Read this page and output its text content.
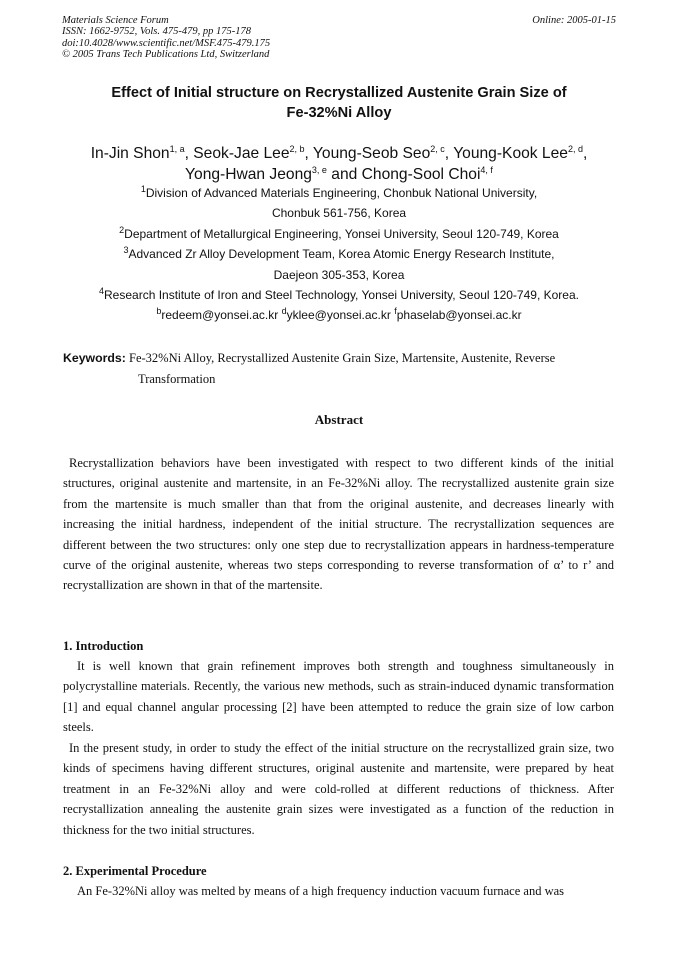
Materials Science Forum
ISSN: 1662-9752, Vols. 475-479, pp 175-178
doi:10.4028/www.scientific.net/MSF.475-479.175
© 2005 Trans Tech Publications Ltd, Switzerland
Online: 2005-01-15
Effect of Initial structure on Recrystallized Austenite Grain Size of
Fe-32%Ni Alloy
In-Jin Shon$^{1, a}$, Seok-Jae Lee$^{2, b}$, Young-Seob Seo$^{2, c}$, Young-Kook Lee$^{2, d}$,
Yong-Hwan Jeong$^{3, e}$ and Chong-Sool Choi$^{4, f}$
$^1$Division of Advanced Materials Engineering, Chonbuk National University,
Chonbuk 561-756, Korea
$^2$Department of Metallurgical Engineering, Yonsei University, Seoul 120-749, Korea
$^3$Advanced Zr Alloy Development Team, Korea Atomic Energy Research Institute,
Daejeon 305-353, Korea
$^4$Research Institute of Iron and Steel Technology, Yonsei University, Seoul 120-749, Korea.
$^b$redeem@yonsei.ac.kr $^d$yklee@yonsei.ac.kr $^f$phaselab@yonsei.ac.kr
Keywords: Fe-32%Ni Alloy, Recrystallized Austenite Grain Size, Martensite, Austenite, Reverse
Transformation
Abstract

Recrystallization behaviors have been investigated with respect to two different kinds of the initial structures, original austenite and martensite, in an Fe-32%Ni alloy. The recrystallized austenite grain size from the martensite is much smaller than that from the original austenite, and decreases linearly with increasing the initial hardness, independent of the initial structure. The recrystallization sequences are different between the two structures: only one step due to recrystallization appears in hardness-temperature curve of the original austenite, whereas two steps corresponding to reverse transformation of α’ to r’ and recrystallization are shown in that of the martensite.

1. Introduction

It is well known that grain refinement improves both strength and toughness simultaneously in polycrystalline materials. Recently, the various new methods, such as strain-induced dynamic transformation [1] and equal channel angular processing [2] have been attempted to reduce the grain size of low carbon steels.

In the present study, in order to study the effect of the initial structure on the recrystallized grain size, two kinds of specimens having different structures, original austenite and martensite, were prepared by heat treatment in an Fe-32%Ni alloy and were cold-rolled at different reductions of thickness. After recrystallization annealing the austenite grain sizes were investigated as a function of the reduction in thickness for the two initial structures.

2. Experimental Procedure

An Fe-32%Ni alloy was melted by means of a high frequency induction vacuum furnace and was
